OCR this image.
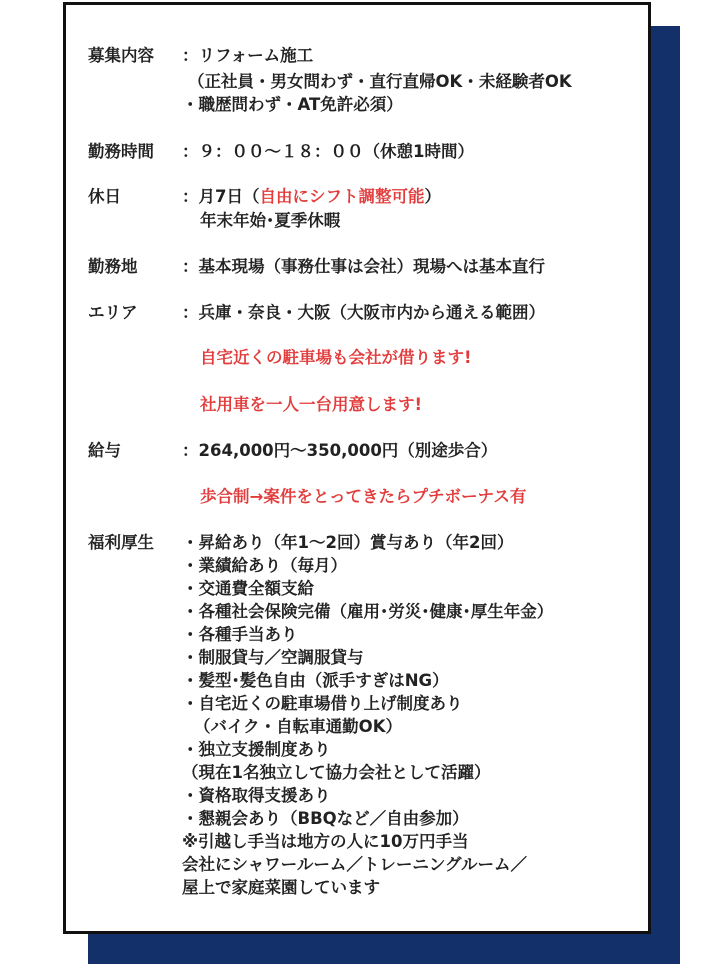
募集内容 ：リフォーム施工

（正社員・男女問わず・直行直帰OK・未経験者OK

・職歴問わず・AT免許必須）

勤務時間 ：９：００〜１８：００（休憩1時間）

休日	：月7日（自由にシフト調整可能）

年末年始･夏季休暇

勤務地	：基本現場（事務仕事は会社）現場へは基本直行

エリア	：兵庫・奈良・大阪（大阪市内から通える範囲）

自宅近くの駐車場も会社が借ります!

社用車を一人一台用意します!

給与	：264,000円〜350,000円（別途歩合）

歩合制→案件をとってきたらプチボーナス有

福利厚生 ・昇給あり（年1〜2回）賞与あり（年2回）

・業績給あり（毎月）

・交通費全額支給

・各種社会保険完備（雇用･労災･健康･厚生年金）

・各種手当あり

・制服貸与／空調服貸与

・髪型･髪色自由（派手すぎはNG）

・自宅近くの駐車場借り上げ制度あり

（バイク・自転車通勤OK）

・独立支援制度あり

（現在1名独立して協力会社として活躍）

・資格取得支援あり

・懇親会あり（BBQなど／自由参加）

※引越し手当は地方の人に10万円手当

会社にシャワールーム／トレーニングルーム／

屋上で家庭菜園しています
